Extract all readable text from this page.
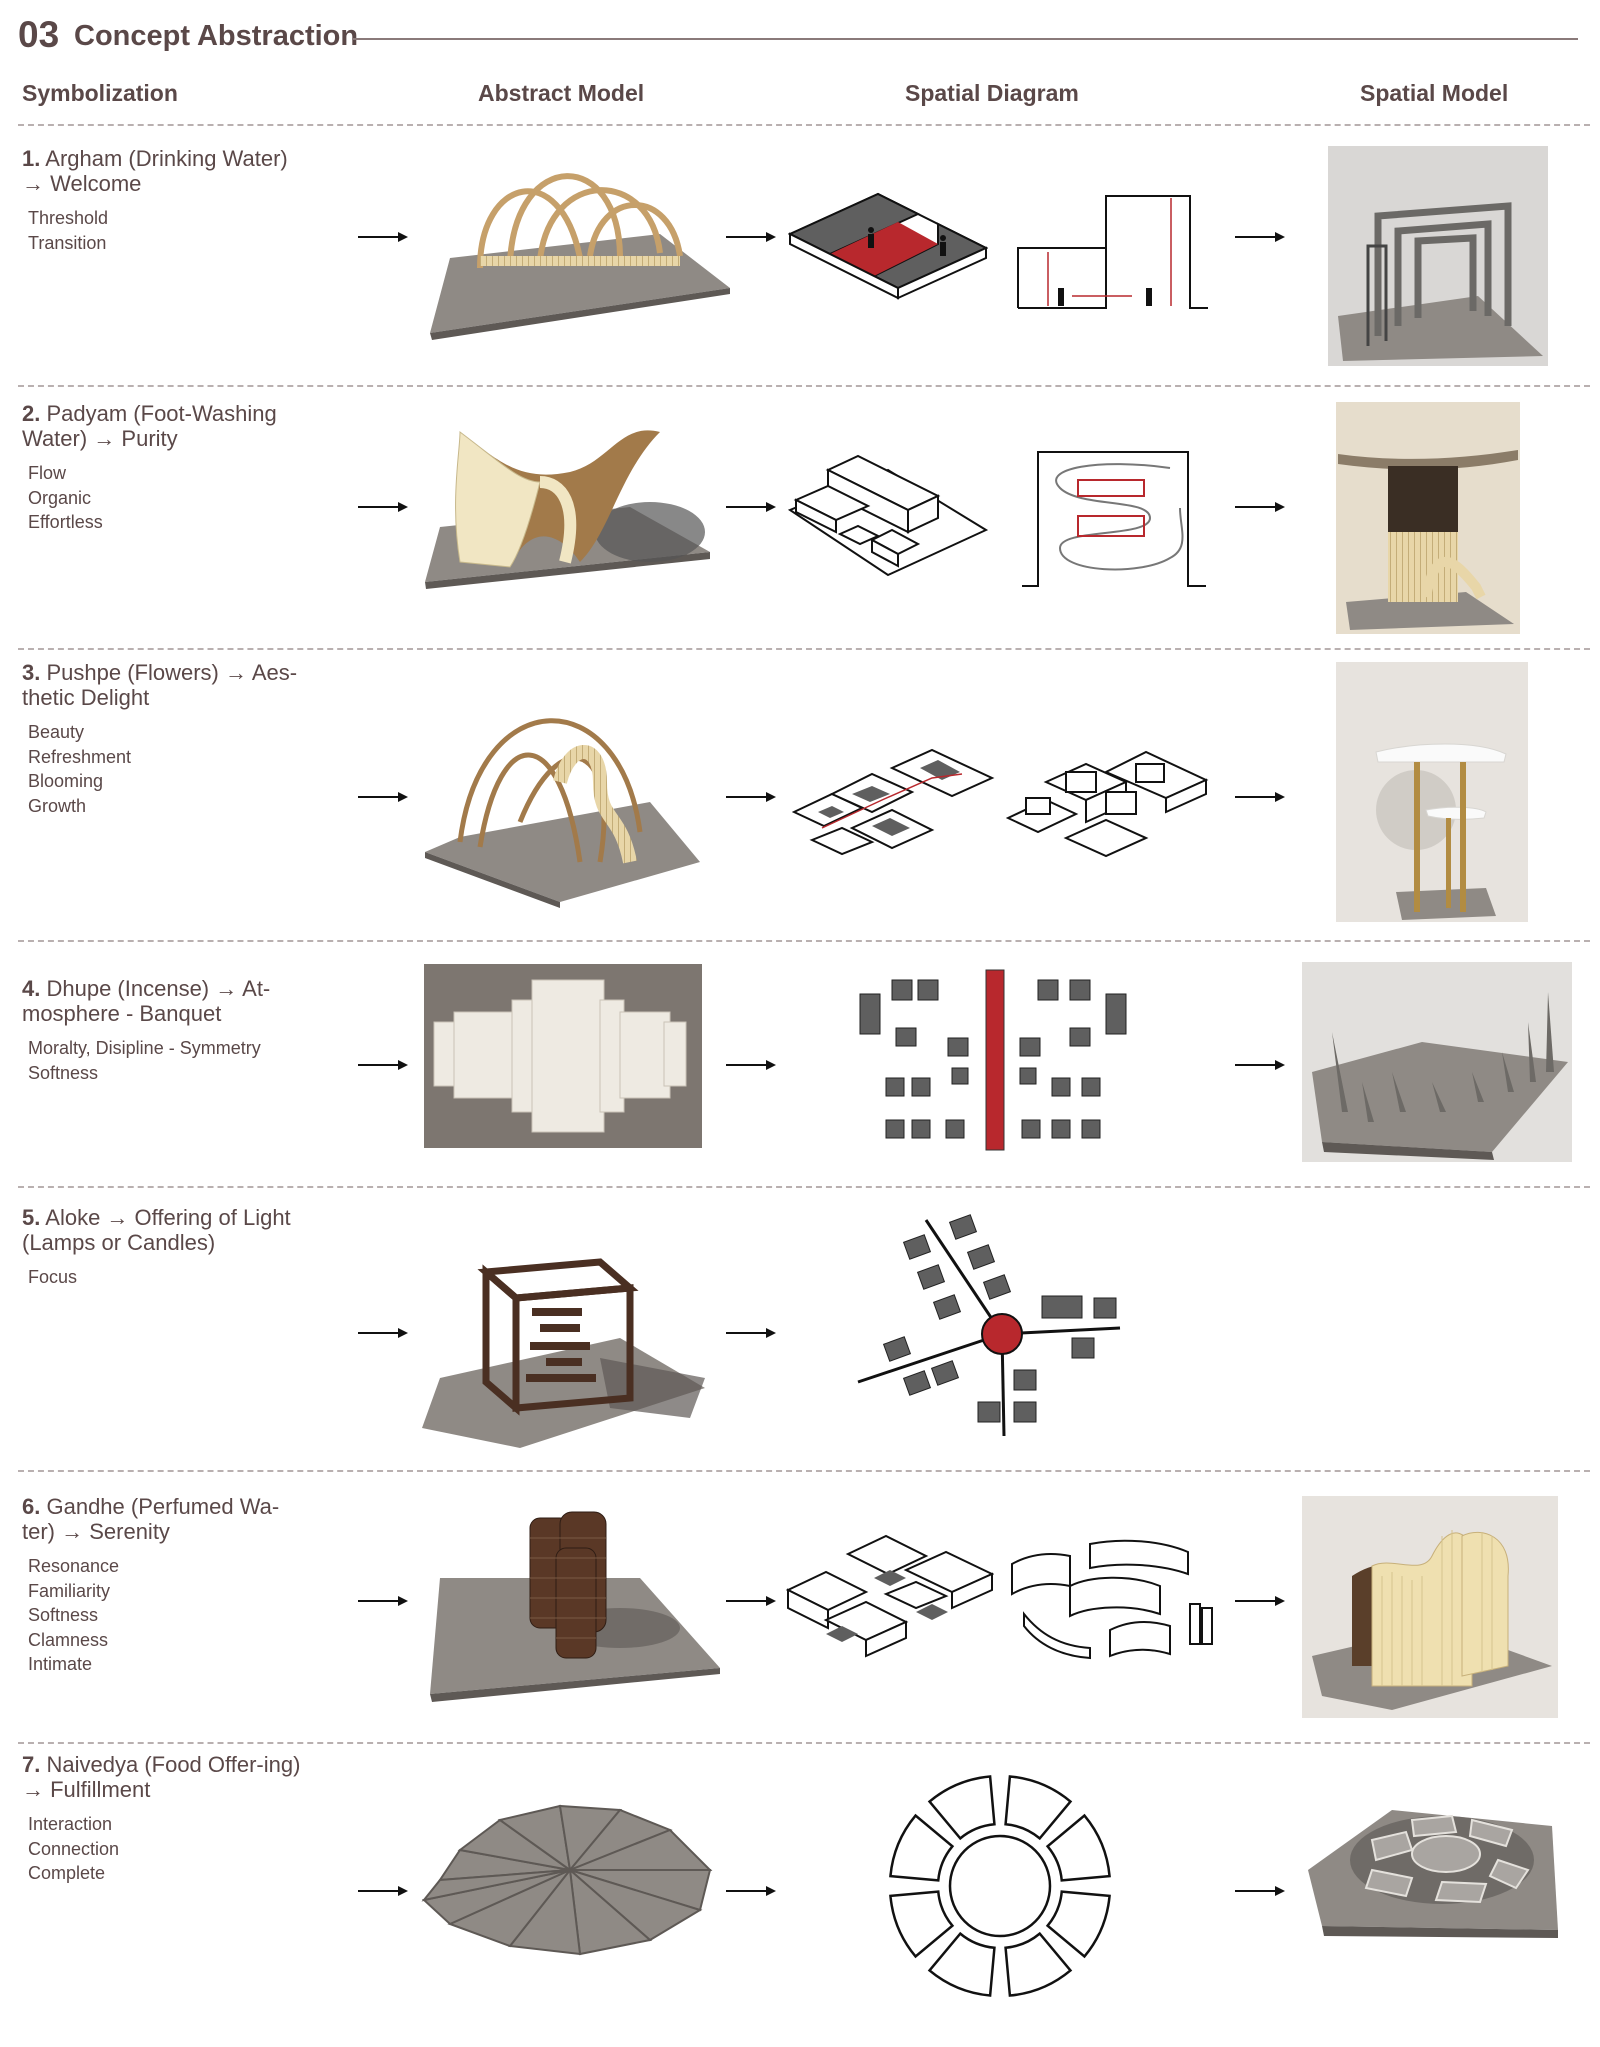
03 Concept Abstraction
Symbolization	Abstract Model	Spatial Diagram	Spatial Model
1. Argham (Drinking Water) → Welcome
Threshold
Transition
2. Padyam (Foot-Washing Water) → Purity
Flow
Organic
Effortless
3. Pushpe (Flowers) → Aes-thetic Delight
Beauty
Refreshment
Blooming
Growth
4. Dhupe (Incense) → At-mosphere - Banquet
Moralty, Disipline - Symmetry
Softness
5. Aloke → Offering of Light (Lamps or Candles)
Focus
6. Gandhe (Perfumed Wa-ter) → Serenity
Resonance
Familiarity
Softness
Clamness
Intimate
7. Naivedya (Food Offer-ing) → Fulfillment
Interaction
Connection
Complete
